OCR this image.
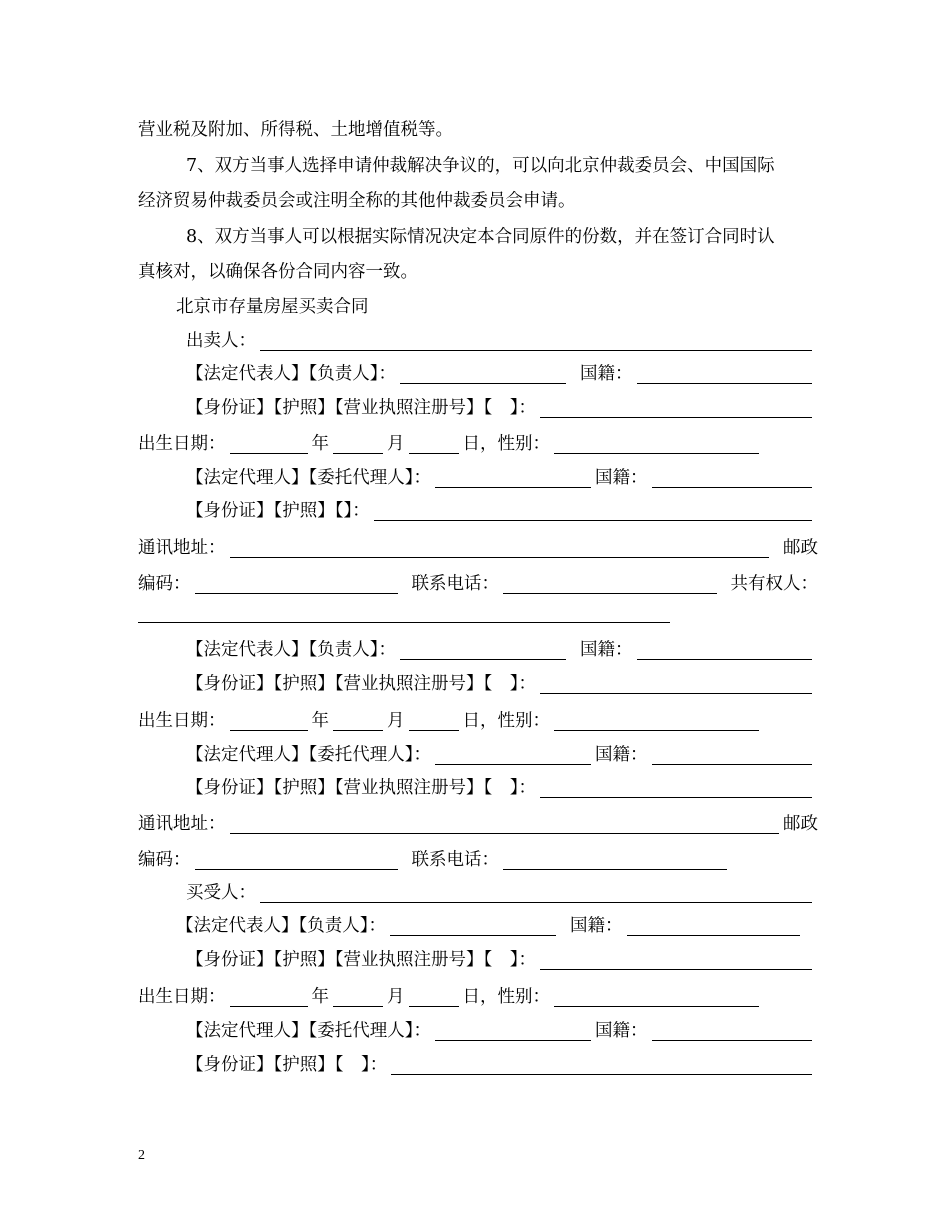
营业税及附加、所得税、土地增值税等。
7、双方当事人选择申请仲裁解决争议的，可以向北京仲裁委员会、中国国际
经济贸易仲裁委员会或注明全称的其他仲裁委员会申请。
8、双方当事人可以根据实际情况决定本合同原件的份数，并在签订合同时认
真核对，以确保各份合同内容一致。
北京市存量房屋买卖合同
出卖人：
【法定代表人】【负责人】：	国籍：
【身份证】【护照】【营业执照注册号】【　】：
出生日期：	年	月	日，性别：
【法定代理人】【委托代理人】：	国籍：
【身份证】【护照】【】：
通讯地址：	邮政
编码：	联系电话：	共有权人：
【法定代表人】【负责人】：	国籍：
【身份证】【护照】【营业执照注册号】【　】：
出生日期：	年	月	日，性别：
【法定代理人】【委托代理人】：	国籍：
【身份证】【护照】【营业执照注册号】【　】：
通讯地址：	邮政
编码：	联系电话：
买受人：
【法定代表人】【负责人】：	国籍：
【身份证】【护照】【营业执照注册号】【　】：
出生日期：	年	月	日，性别：
【法定代理人】【委托代理人】：	国籍：
【身份证】【护照】【　】：
2
